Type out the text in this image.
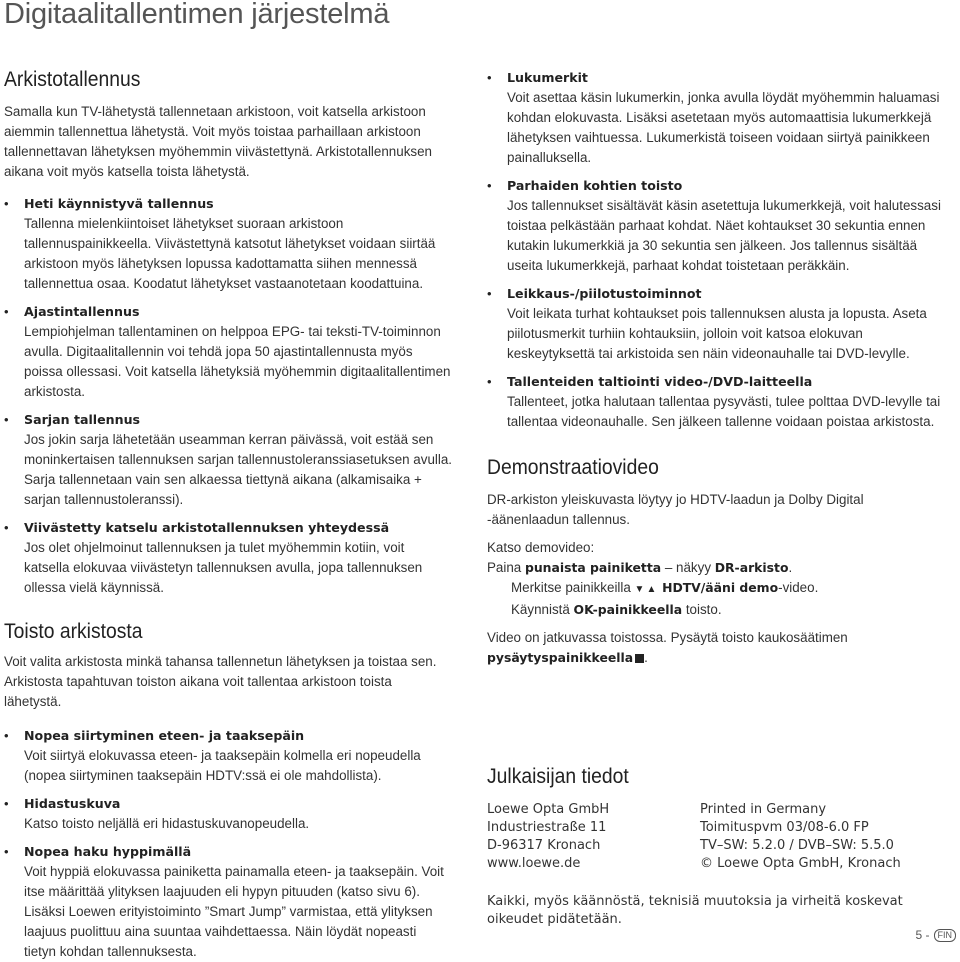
Digitaalitallentimen järjestelmä
Arkistotallennus

Samalla kun TV-lähetystä tallennetaan arkistoon, voit katsella arkistoon aiemmin tallennettua lähetystä. Voit myös toistaa parhaillaan arkistoon tallennettavan lähetyksen myöhemmin viivästettynä. Arkistotallennuksen aikana voit myös katsella toista lähetystä.

• Heti käynnistyvä tallennus

Tallenna mielenkiintoiset lähetykset suoraan arkistoon tallennuspainikkeella. Viivästettynä katsotut lähetykset voidaan siirtää arkistoon myös lähetyksen lopussa kadottamatta siihen mennessä tallennettua osaa. Koodatut lähetykset vastaanotetaan koodattuina.

• Ajastintallennus

Lempiohjelman tallentaminen on helppoa EPG- tai teksti-TV-toiminnon avulla. Digitaalitallennin voi tehdä jopa 50 ajastintallennusta myös poissa ollessasi. Voit katsella lähetyksiä myöhemmin digitaalitallentimen arkistosta.

• Sarjan tallennus

Jos jokin sarja lähetetään useamman kerran päivässä, voit estää sen moninkertaisen tallennuksen sarjan tallennustoleranssiasetuksen avulla. Sarja tallennetaan vain sen alkaessa tiettynä aikana (alkamisaika + sarjan tallennustoleranssi).

• Viivästetty katselu arkistotallennuksen yhteydessä

Jos olet ohjelmoinut tallennuksen ja tulet myöhemmin kotiin, voit katsella elokuvaa viivästetyn tallennuksen avulla, jopa tallennuksen ollessa vielä käynnissä.

Toisto arkistosta

Voit valita arkistosta minkä tahansa tallennetun lähetyksen ja toistaa sen. Arkistosta tapahtuvan toiston aikana voit tallentaa arkistoon toista lähetystä.

• Nopea siirtyminen eteen- ja taaksepäin

Voit siirtyä elokuvassa eteen- ja taaksepäin kolmella eri nopeudella (nopea siirtyminen taaksepäin HDTV:ssä ei ole mahdollista).

• Hidastuskuva

Katso toisto neljällä eri hidastuskuvanopeudella.

• Nopea haku hyppimällä

Voit hyppiä elokuvassa painiketta painamalla eteen- ja taaksepäin. Voit itse määrittää ylityksen laajuuden eli hypyn pituuden (katso sivu 6). Lisäksi Loewen erityistoiminto ”Smart Jump” varmistaa, että ylityksen laajuus puolittuu aina suuntaa vaihdettaessa. Näin löydät nopeasti tietyn kohdan tallennuksesta.

• Lukumerkit

Voit asettaa käsin lukumerkin, jonka avulla löydät myöhemmin haluamasi kohdan elokuvasta. Lisäksi asetetaan myös automaattisia lukumerkkejä lähetyksen vaihtuessa. Lukumerkistä toiseen voidaan siirtyä painikkeen painalluksella.

• Parhaiden kohtien toisto

Jos tallennukset sisältävät käsin asetettuja lukumerkkejä, voit halutessasi toistaa pelkästään parhaat kohdat. Näet kohtaukset 30 sekuntia ennen kutakin lukumerkkiä ja 30 sekuntia sen jälkeen. Jos tallennus sisältää useita lukumerkkejä, parhaat kohdat toistetaan peräkkäin.

• Leikkaus-/piilotustoiminnot

Voit leikata turhat kohtaukset pois tallennuksen alusta ja lopusta. Aseta piilotusmerkit turhiin kohtauksiin, jolloin voit katsoa elokuvan keskeytyksettä tai arkistoida sen näin videonauhalle tai DVD-levylle.

• Tallenteiden taltiointi video-/DVD-laitteella

Tallenteet, jotka halutaan tallentaa pysyvästi, tulee polttaa DVD-levylle tai tallentaa videonauhalle. Sen jälkeen tallenne voidaan poistaa arkistosta.

Demonstraatiovideo

DR-arkiston yleiskuvasta löytyy jo HDTV-laadun ja Dolby Digital -äänenlaadun tallennus.

Katso demovideo:

Paina punaista painiketta – näkyy DR-arkisto.

Merkitse painikkeilla ▼▲ HDTV/ääni demo-video.

Käynnistä OK-painikkeella toisto.

Video on jatkuvassa toistossa. Pysäytä toisto kaukosäätimen pysäytyspainikkeella .

Julkaisijan tiedot
Loewe Opta GmbH
Industriestraße 11
D-96317 Kronach
www.loewe.de
Printed in Germany
Toimituspvm 03/08-6.0 FP
TV–SW: 5.2.0 / DVB–SW: 5.5.0
© Loewe Opta GmbH, Kronach
Kaikki, myös käännöstä, teknisiä muutoksia ja virheitä koskevat oikeudet pidätetään.
5 - FIN
